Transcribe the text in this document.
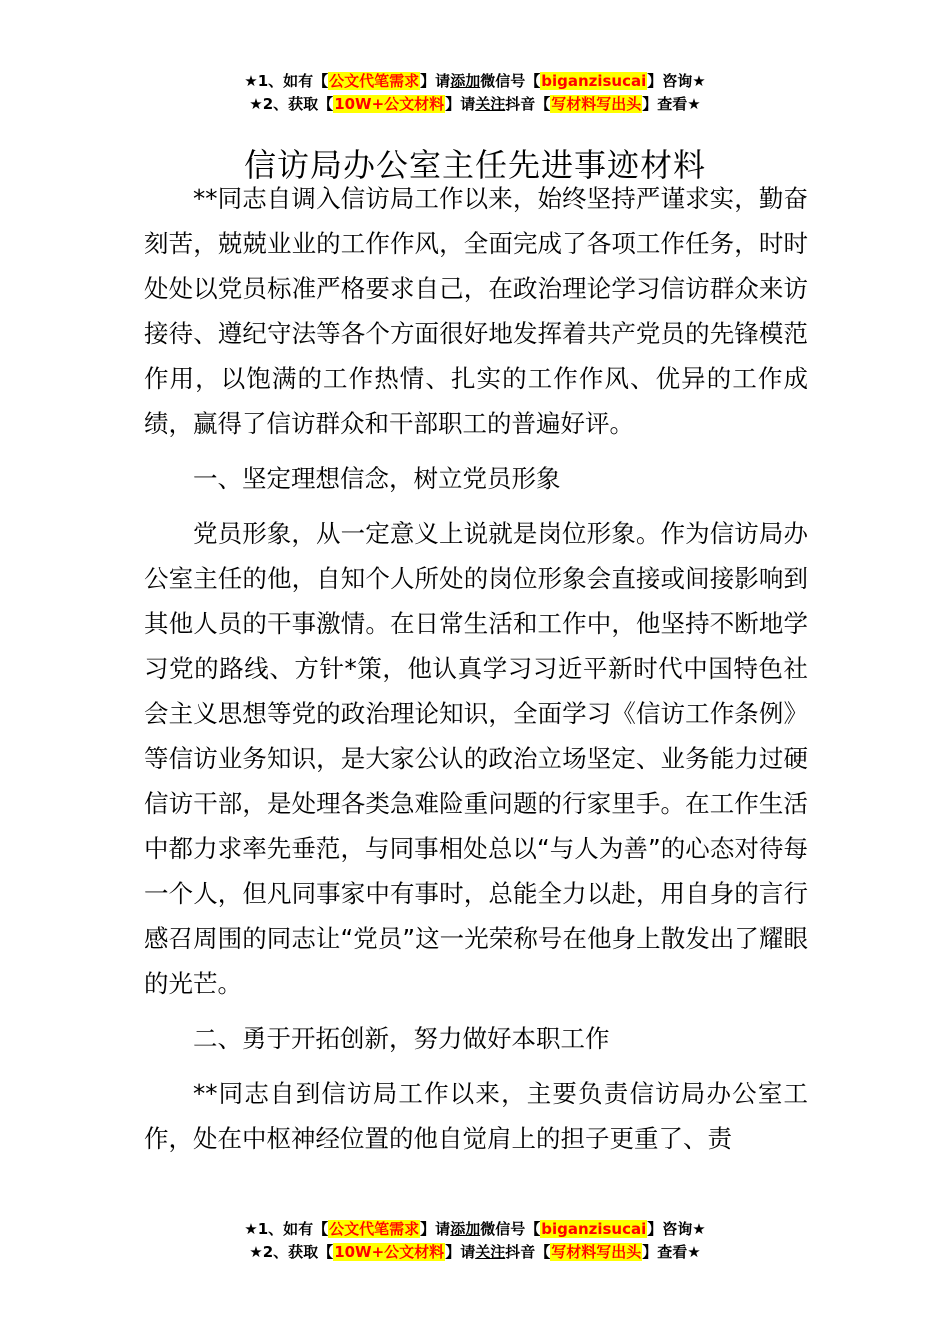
★1、如有【公文代笔需求】请添加微信号【biganzisucai】咨询★
★2、获取【10W+公文材料】请关注抖音【写材料写出头】查看★
信访局办公室主任先进事迹材料

**同志自调入信访局工作以来，始终坚持严谨求实，勤奋刻苦，兢兢业业的工作作风，全面完成了各项工作任务，时时处处以党员标准严格要求自己，在政治理论学习信访群众来访接待、遵纪守法等各个方面很好地发挥着共产党员的先锋模范作用，以饱满的工作热情、扎实的工作作风、优异的工作成绩，赢得了信访群众和干部职工的普遍好评。

一、坚定理想信念，树立党员形象

党员形象，从一定意义上说就是岗位形象。作为信访局办公室主任的他，自知个人所处的岗位形象会直接或间接影响到其他人员的干事激情。在日常生活和工作中，他坚持不断地学习党的路线、方针*策，他认真学习习近平新时代中国特色社会主义思想等党的政治理论知识，全面学习《信访工作条例》等信访业务知识，是大家公认的政治立场坚定、业务能力过硬信访干部，是处理各类急难险重问题的行家里手。在工作生活中都力求率先垂范，与同事相处总以“与人为善”的心态对待每一个人，但凡同事家中有事时，总能全力以赴，用自身的言行感召周围的同志让“党员”这一光荣称号在他身上散发出了耀眼的光芒。

二、勇于开拓创新，努力做好本职工作

**同志自到信访局工作以来，主要负责信访局办公室工作，处在中枢神经位置的他自觉肩上的担子更重了、责

★1、如有【公文代笔需求】请添加微信号【biganzisucai】咨询★
★2、获取【10W+公文材料】请关注抖音【写材料写出头】查看★
